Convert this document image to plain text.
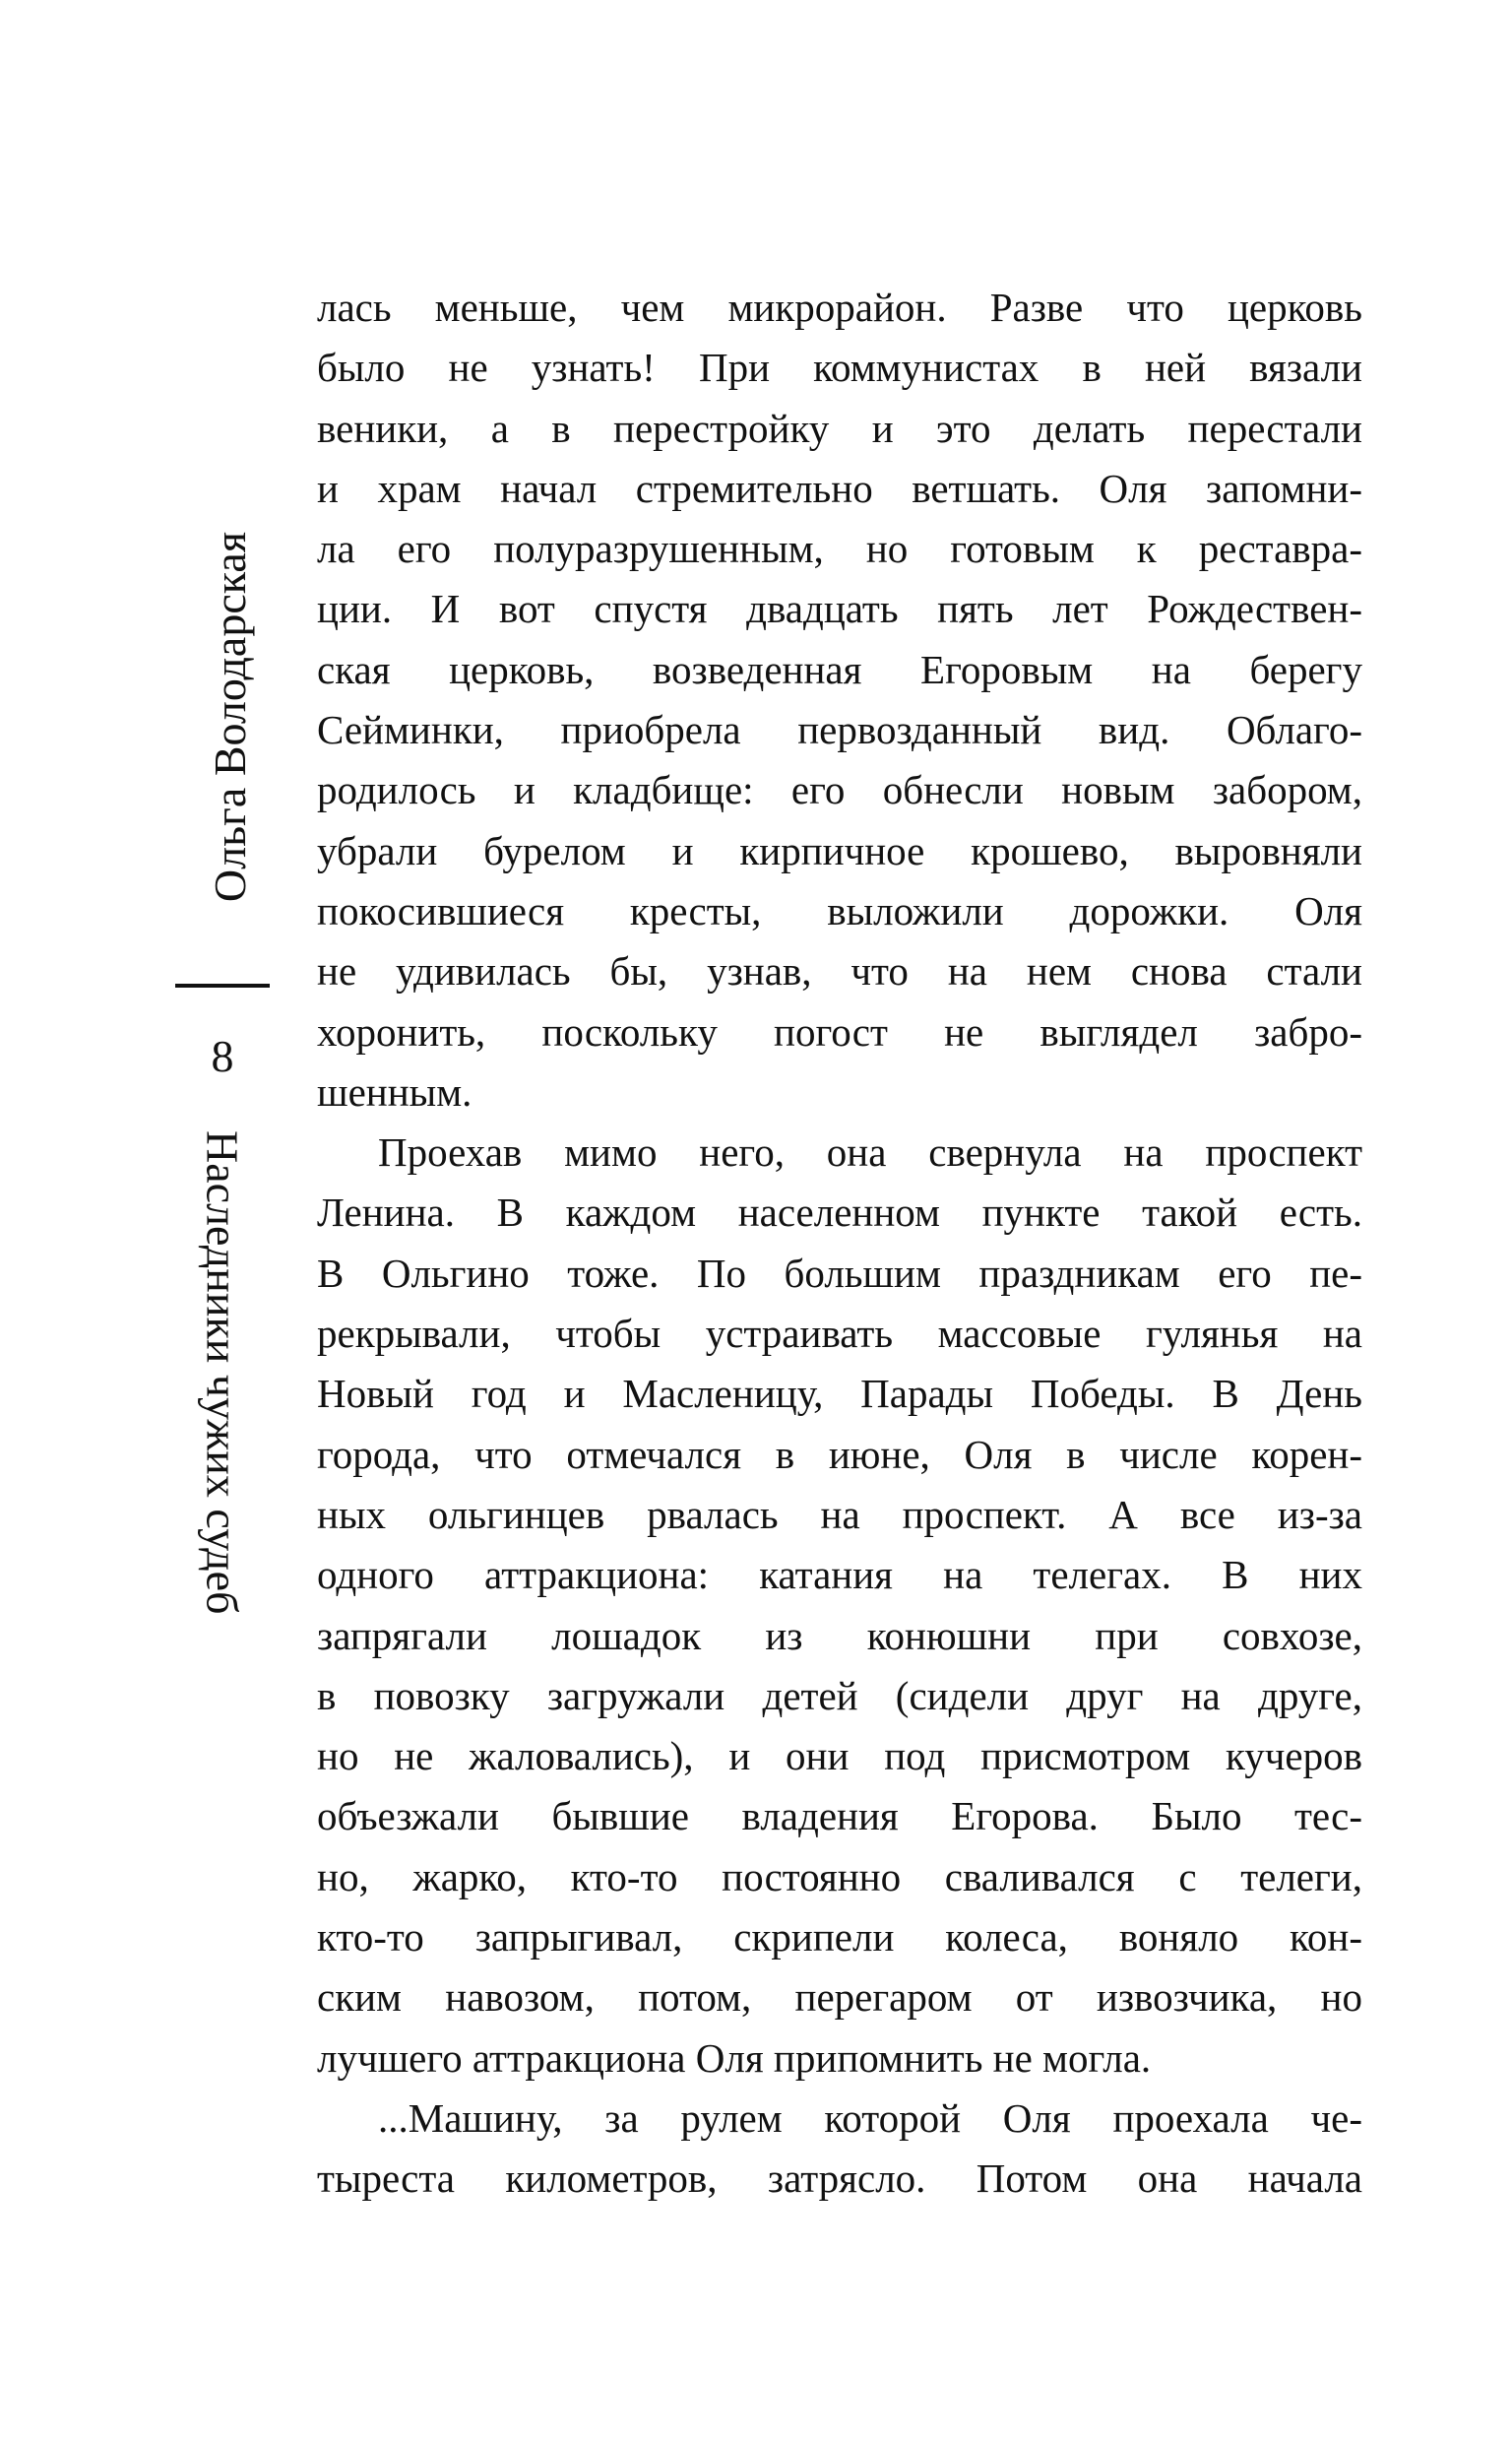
Ольга Володарская
8
Наследники чужих судеб
лась меньше, чем микрорайон. Разве что церковь
было не узнать! При коммунистах в ней вязали
веники, а в перестройку и это делать перестали
и храм начал стремительно ветшать. Оля запомни-
ла его полуразрушенным, но готовым к реставра-
ции. И вот спустя двадцать пять лет Рождествен-
ская церковь, возведенная Егоровым на берегу
Сейминки, приобрела первозданный вид. Облаго-
родилось и кладбище: его обнесли новым забором,
убрали бурелом и кирпичное крошево, выровняли
покосившиеся кресты, выложили дорожки. Оля
не удивилась бы, узнав, что на нем снова стали
хоронить, поскольку погост не выглядел забро-
шенным.
Проехав мимо него, она свернула на проспект
Ленина. В каждом населенном пункте такой есть.
В Ольгино тоже. По большим праздникам его пе-
рекрывали, чтобы устраивать массовые гулянья на
Новый год и Масленицу, Парады Победы. В День
города, что отмечался в июне, Оля в числе корен-
ных ольгинцев рвалась на проспект. А все из-за
одного аттракциона: катания на телегах. В них
запрягали лошадок из конюшни при совхозе,
в повозку загружали детей (сидели друг на друге,
но не жаловались), и они под присмотром кучеров
объезжали бывшие владения Егорова. Было тес-
но, жарко, кто-то постоянно сваливался с телеги,
кто-то запрыгивал, скрипели колеса, воняло кон-
ским навозом, потом, перегаром от извозчика, но
лучшего аттракциона Оля припомнить не могла.
...Машину, за рулем которой Оля проехала че-
тыреста километров, затрясло. Потом она начала
